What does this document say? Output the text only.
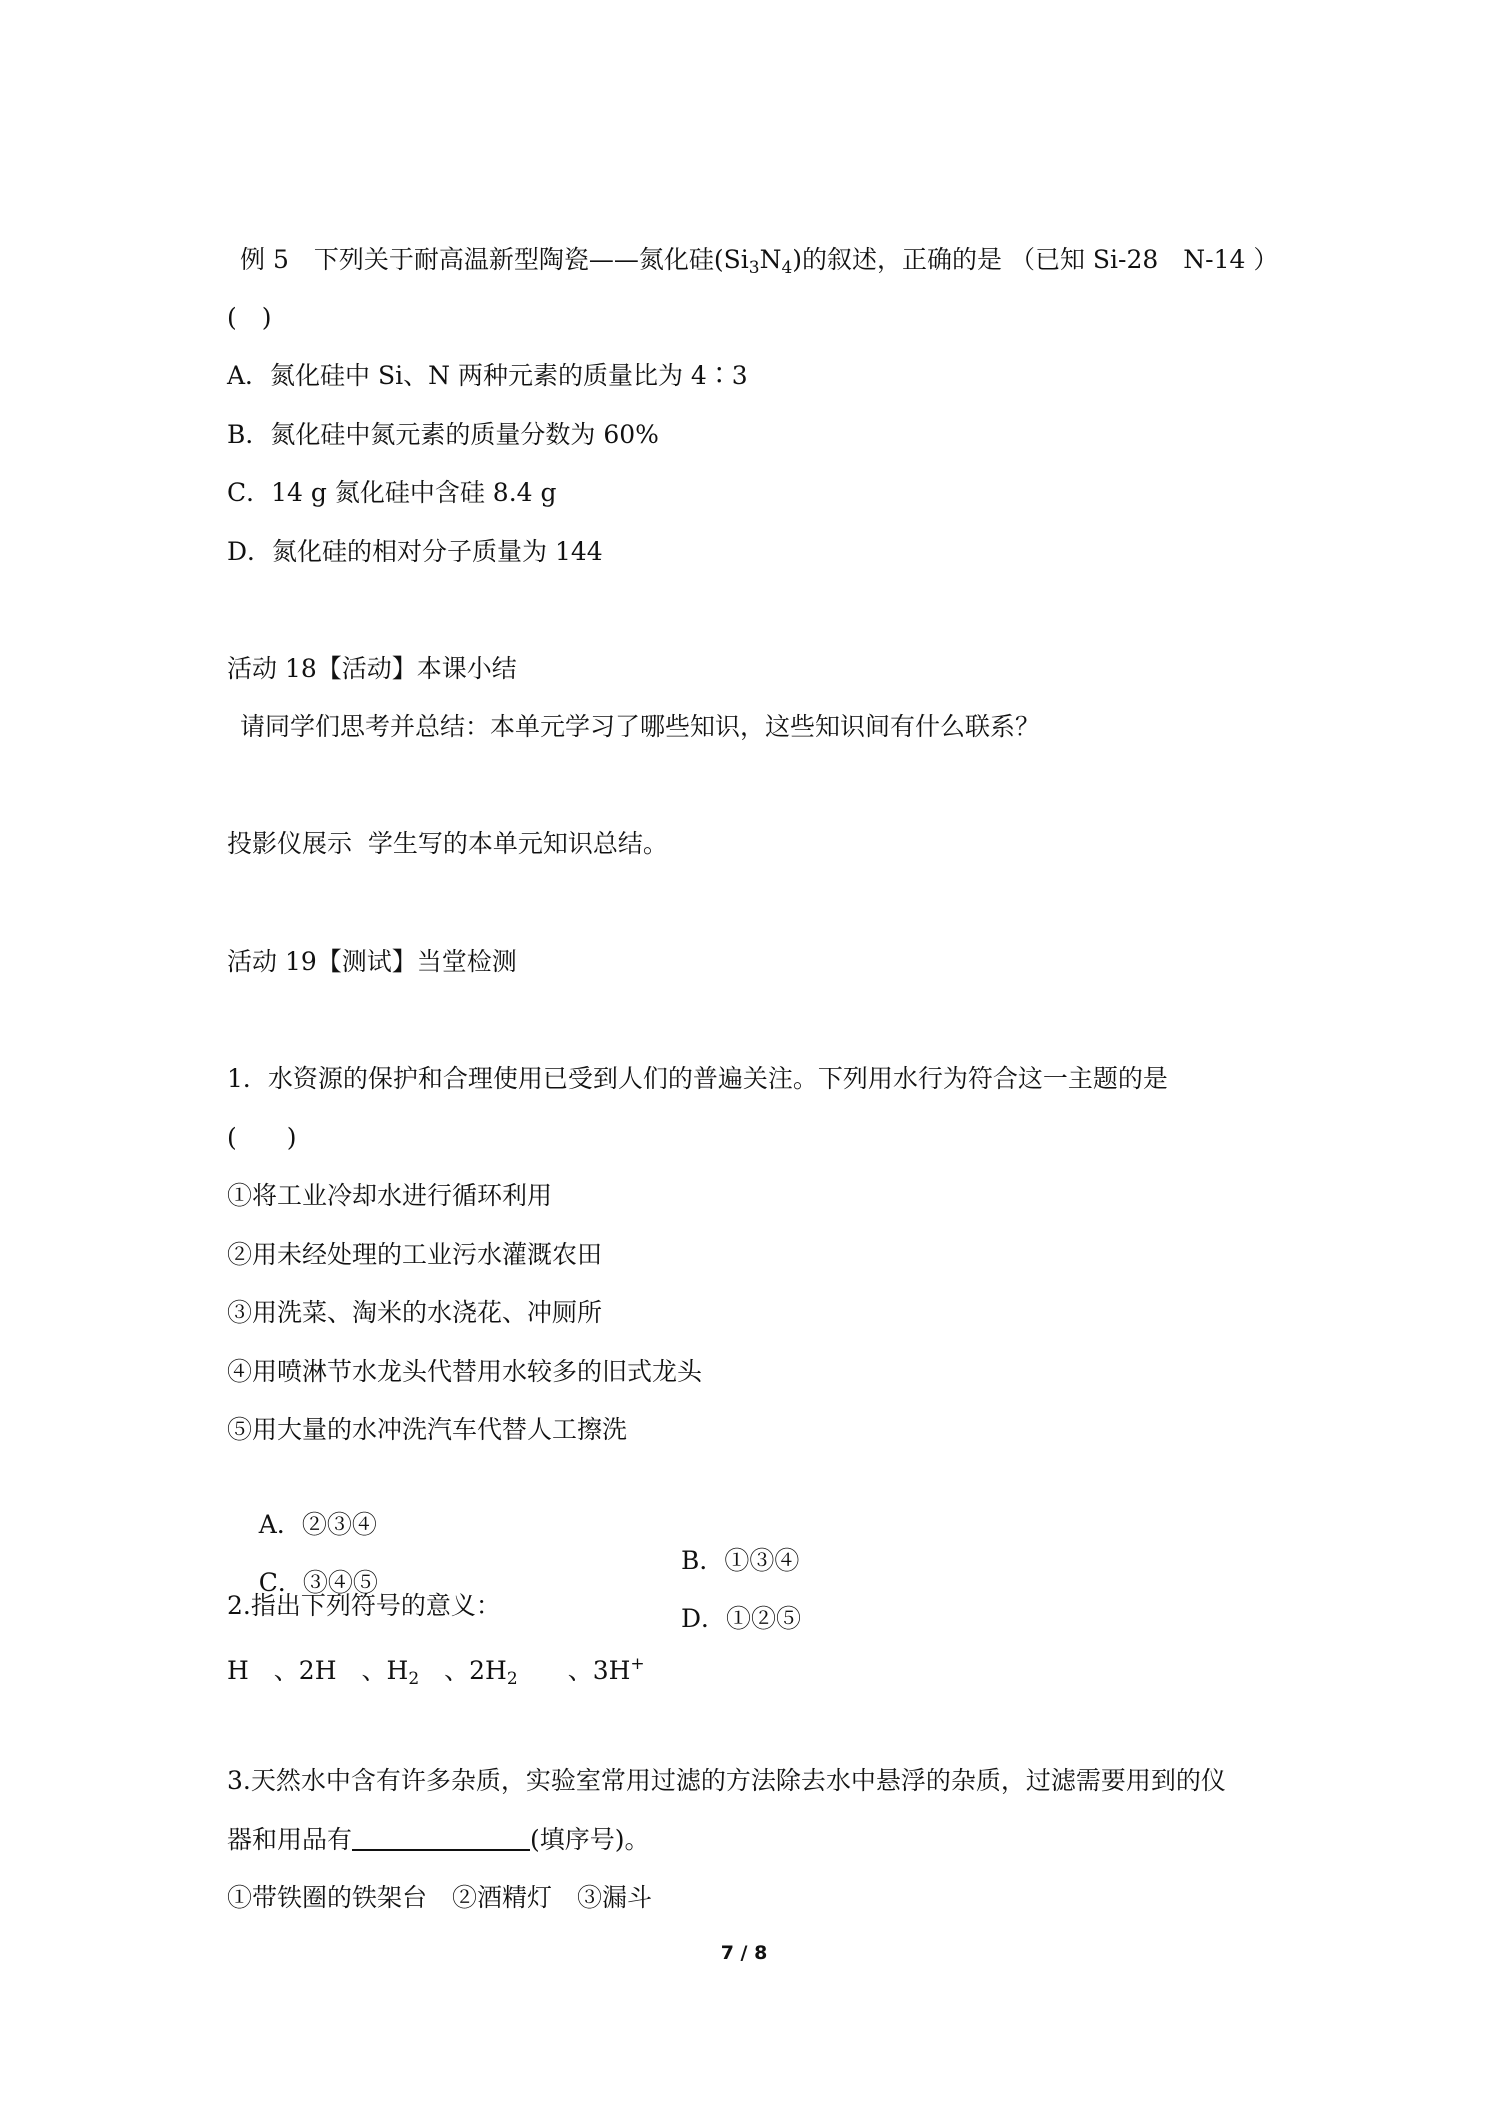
例 5　下列关于耐高温新型陶瓷——氮化硅$(Si_3N_4)$的叙述，正确的是 （已知 Si-28　N-14 ）
(　)
A．氮化硅中 Si、N 两种元素的质量比为 4∶3
B．氮化硅中氮元素的质量分数为 60%
C．14 g 氮化硅中含硅 8.4 g
D．氮化硅的相对分子质量为 144
活动 18【活动】本课小结
请同学们思考并总结：本单元学习了哪些知识，这些知识间有什么联系？
投影仪展示  学生写的本单元知识总结。
活动 19【测试】当堂检测
1．水资源的保护和合理使用已受到人们的普遍关注。下列用水行为符合这一主题的是
(　　)
①将工业冷却水进行循环利用
②用未经处理的工业污水灌溉农田
③用洗菜、淘米的水浇花、冲厕所
④用喷淋节水龙头代替用水较多的旧式龙头
⑤用大量的水冲洗汽车代替人工擦洗

A．②③④

B．①③④

C．③④⑤

D．①②⑤

2.指出下列符号的意义：
H　、2H　、$H_2$　、$2H_2$　　、3H+
3.天然水中含有许多杂质，实验室常用过滤的方法除去水中悬浮的杂质，过滤需要用到的仪
器和用品有	(填序号)。
①带铁圈的铁架台　②酒精灯　③漏斗
7 / 8
